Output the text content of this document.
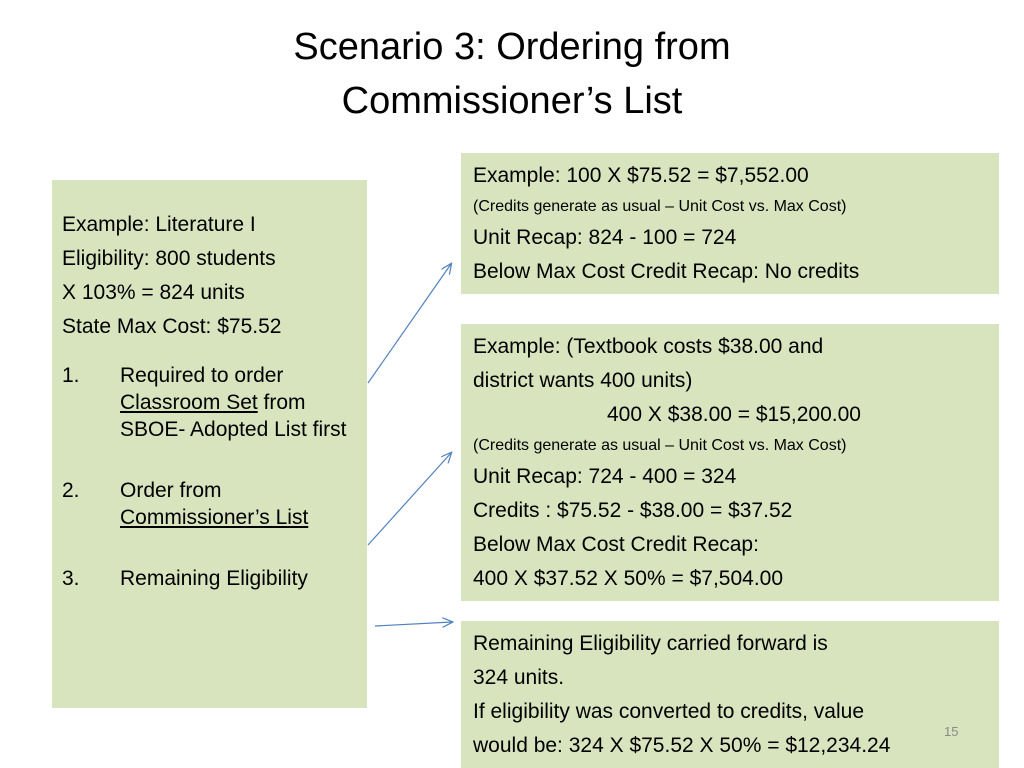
Scenario 3: Ordering from
Commissioner’s List
Example: Literature I
Eligibility: 800 students
X 103% = 824 units
State Max Cost: $75.52
1. Required to order Classroom Set from SBOE- Adopted List first
2. Order from Commissioner’s List
3. Remaining Eligibility
Example: 100 X $75.52 = $7,552.00
(Credits generate as usual – Unit Cost vs. Max Cost)
Unit Recap: 824 - 100 = 724
Below Max Cost Credit Recap: No credits
Example: (Textbook costs $38.00 and
district wants 400 units)
400 X $38.00 = $15,200.00
(Credits generate as usual – Unit Cost vs. Max Cost)
Unit Recap: 724 - 400 = 324
Credits : $75.52 - $38.00 = $37.52
Below Max Cost Credit Recap:
400 X $37.52 X 50% = $7,504.00
Remaining Eligibility carried forward is
324 units.
If eligibility was converted to credits, value
would be: 324 X $75.52 X 50% = $12,234.24
15
